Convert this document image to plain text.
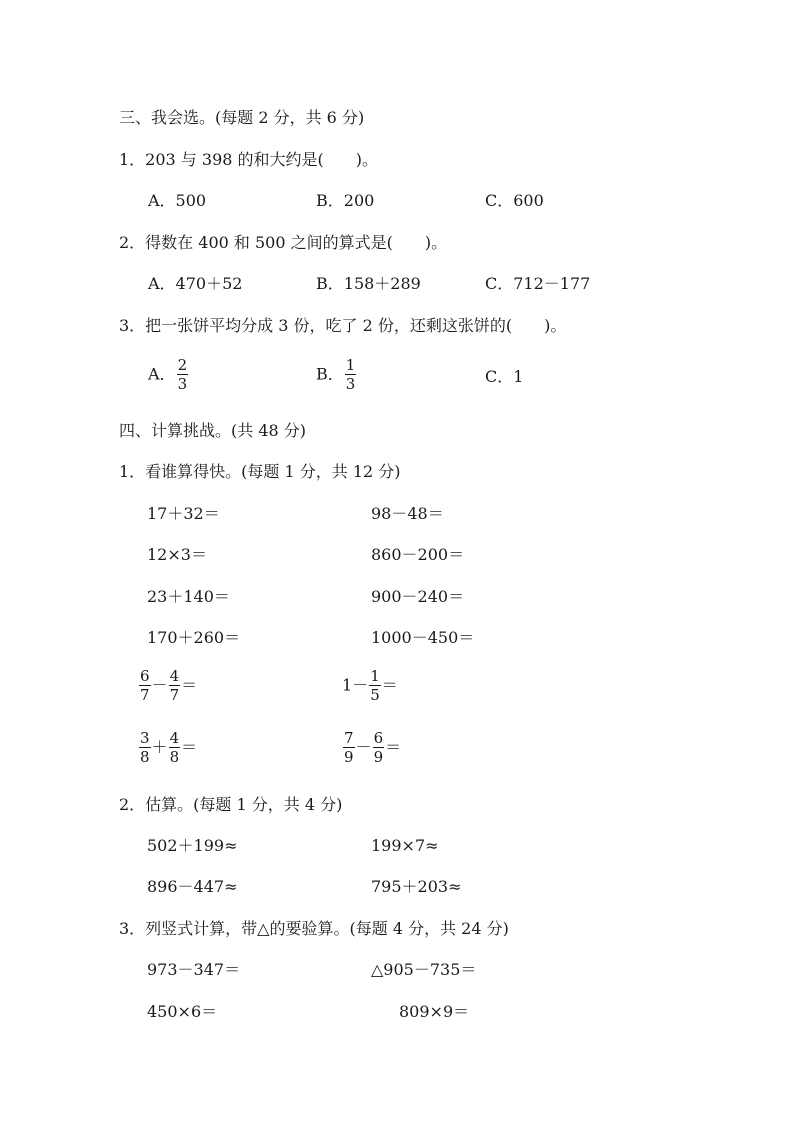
三、我会选。(每题 2 分，共 6 分)
1．203 与 398 的和大约是(　　)。
A．500	B．200	C．600
2．得数在 400 和 500 之间的算式是(　　)。
A．470＋52	B．158＋289	C．712－177
3．把一张饼平均分成 3 份，吃了 2 份，还剩这张饼的(　　)。
A． $\frac{2}{3}$	B． $\frac{1}{3}$	C．1
四、计算挑战。(共 48 分)
1．看谁算得快。(每题 1 分，共 12 分)
17＋32＝	98－48＝
12×3＝	860－200＝
23＋140＝	900－240＝
170＋260＝	1000－450＝
$\frac{6}{7} - \frac{4}{7}$ ＝	$1- \frac{1}{5}$ ＝
$\frac{3}{8} + \frac{4}{8}$ ＝	$\frac{7}{9} - \frac{6}{9}$ ＝
2．估算。(每题 1 分，共 4 分)
502＋199≈	199×7≈
896－447≈	795＋203≈
3．列竖式计算，带△的要验算。(每题 4 分，共 24 分)
973－347＝	△905－735＝
450×6＝	809×9＝
